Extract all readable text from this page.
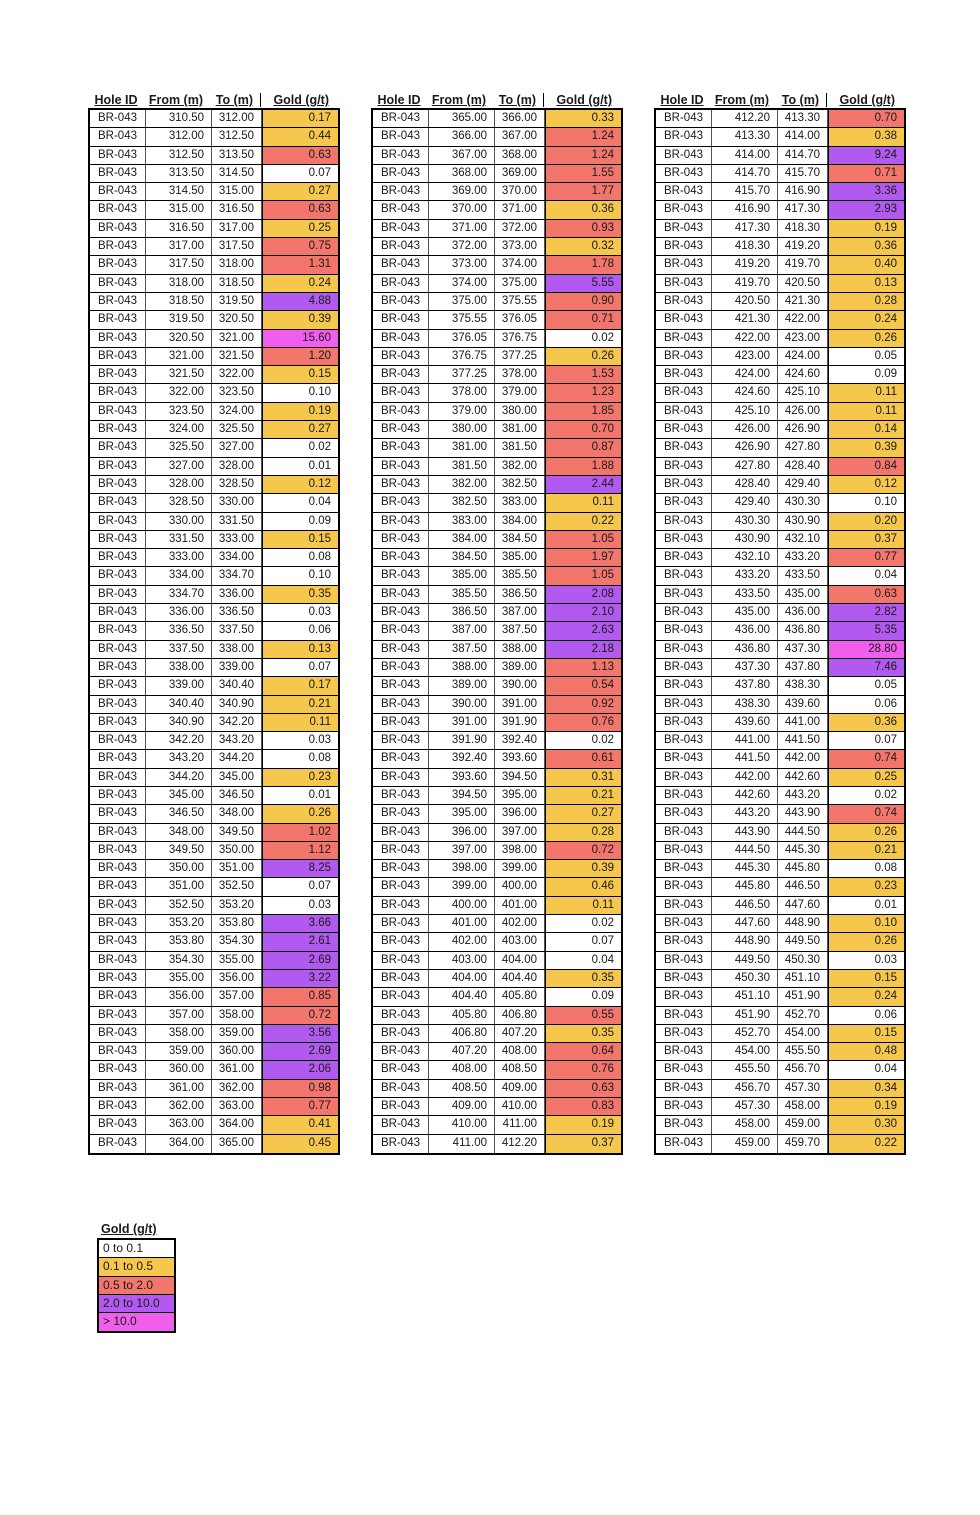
Hole ID From (m)	To (m)	Gold (g/t)
BR-043	310.50	312.00	0.17
BR-043	312.00	312.50	0.44
BR-043	312.50	313.50	0.63
BR-043	313.50	314.50	0.07
BR-043	314.50	315.00	0.27
BR-043	315.00	316.50	0.63
BR-043	316.50	317.00	0.25
BR-043	317.00	317.50	0.75
BR-043	317.50	318.00	1.31
BR-043	318.00	318.50	0.24
BR-043	318.50	319.50	4.88
BR-043	319.50	320.50	0.39
BR-043	320.50	321.00	15.60
BR-043	321.00	321.50	1.20
BR-043	321.50	322.00	0.15
BR-043	322.00	323.50	0.10
BR-043	323.50	324.00	0.19
BR-043	324.00	325.50	0.27
BR-043	325.50	327.00	0.02
BR-043	327.00	328.00	0.01
BR-043	328.00	328.50	0.12
BR-043	328.50	330.00	0.04
BR-043	330.00	331.50	0.09
BR-043	331.50	333.00	0.15
BR-043	333.00	334.00	0.08
BR-043	334.00	334.70	0.10
BR-043	334.70	336.00	0.35
BR-043	336.00	336.50	0.03
BR-043	336.50	337.50	0.06
BR-043	337.50	338.00	0.13
BR-043	338.00	339.00	0.07
BR-043	339.00	340.40	0.17
BR-043	340.40	340.90	0.21
BR-043	340.90	342.20	0.11
BR-043	342.20	343.20	0.03
BR-043	343.20	344.20	0.08
BR-043	344.20	345.00	0.23
BR-043	345.00	346.50	0.01
BR-043	346.50	348.00	0.26
BR-043	348.00	349.50	1.02
BR-043	349.50	350.00	1.12
BR-043	350.00	351.00	8.25
BR-043	351.00	352.50	0.07
BR-043	352.50	353.20	0.03
BR-043	353.20	353.80	3.66
BR-043	353.80	354.30	2.61
BR-043	354.30	355.00	2.69
BR-043	355.00	356.00	3.22
BR-043	356.00	357.00	0.85
BR-043	357.00	358.00	0.72
BR-043	358.00	359.00	3.56
BR-043	359.00	360.00	2.69
BR-043	360.00	361.00	2.06
BR-043	361.00	362.00	0.98
BR-043	362.00	363.00	0.77
BR-043	363.00	364.00	0.41
BR-043	364.00	365.00	0.45
Hole ID From (m)	To (m)	Gold (g/t)
BR-043	365.00	366.00	0.33
BR-043	366.00	367.00	1.24
BR-043	367.00	368.00	1.24
BR-043	368.00	369.00	1.55
BR-043	369.00	370.00	1.77
BR-043	370.00	371.00	0.36
BR-043	371.00	372.00	0.93
BR-043	372.00	373.00	0.32
BR-043	373.00	374.00	1.78
BR-043	374.00	375.00	5.55
BR-043	375.00	375.55	0.90
BR-043	375.55	376.05	0.71
BR-043	376.05	376.75	0.02
BR-043	376.75	377.25	0.26
BR-043	377.25	378.00	1.53
BR-043	378.00	379.00	1.23
BR-043	379.00	380.00	1.85
BR-043	380.00	381.00	0.70
BR-043	381.00	381.50	0.87
BR-043	381.50	382.00	1.88
BR-043	382.00	382.50	2.44
BR-043	382.50	383.00	0.11
BR-043	383.00	384.00	0.22
BR-043	384.00	384.50	1.05
BR-043	384.50	385.00	1.97
BR-043	385.00	385.50	1.05
BR-043	385.50	386.50	2.08
BR-043	386.50	387.00	2.10
BR-043	387.00	387.50	2.63
BR-043	387.50	388.00	2.18
BR-043	388.00	389.00	1.13
BR-043	389.00	390.00	0.54
BR-043	390.00	391.00	0.92
BR-043	391.00	391.90	0.76
BR-043	391.90	392.40	0.02
BR-043	392.40	393.60	0.61
BR-043	393.60	394.50	0.31
BR-043	394.50	395.00	0.21
BR-043	395.00	396.00	0.27
BR-043	396.00	397.00	0.28
BR-043	397.00	398.00	0.72
BR-043	398.00	399.00	0.39
BR-043	399.00	400.00	0.46
BR-043	400.00	401.00	0.11
BR-043	401.00	402.00	0.02
BR-043	402.00	403.00	0.07
BR-043	403.00	404.00	0.04
BR-043	404.00	404.40	0.35
BR-043	404.40	405.80	0.09
BR-043	405.80	406.80	0.55
BR-043	406.80	407.20	0.35
BR-043	407.20	408.00	0.64
BR-043	408.00	408.50	0.76
BR-043	408.50	409.00	0.63
BR-043	409.00	410.00	0.83
BR-043	410.00	411.00	0.19
BR-043	411.00	412.20	0.37
Hole ID From (m)	To (m)	Gold (g/t)
BR-043	412.20	413.30	0.70
BR-043	413.30	414.00	0.38
BR-043	414.00	414.70	9.24
BR-043	414.70	415.70	0.71
BR-043	415.70	416.90	3.36
BR-043	416.90	417.30	2.93
BR-043	417.30	418.30	0.19
BR-043	418.30	419.20	0.36
BR-043	419.20	419.70	0.40
BR-043	419.70	420.50	0.13
BR-043	420.50	421.30	0.28
BR-043	421.30	422.00	0.24
BR-043	422.00	423.00	0.26
BR-043	423.00	424.00	0.05
BR-043	424.00	424.60	0.09
BR-043	424.60	425.10	0.11
BR-043	425.10	426.00	0.11
BR-043	426.00	426.90	0.14
BR-043	426.90	427.80	0.39
BR-043	427.80	428.40	0.84
BR-043	428.40	429.40	0.12
BR-043	429.40	430.30	0.10
BR-043	430.30	430.90	0.20
BR-043	430.90	432.10	0.37
BR-043	432.10	433.20	0.77
BR-043	433.20	433.50	0.04
BR-043	433.50	435.00	0.63
BR-043	435.00	436.00	2.82
BR-043	436.00	436.80	5.35
BR-043	436.80	437.30	28.80
BR-043	437.30	437.80	7.46
BR-043	437.80	438.30	0.05
BR-043	438.30	439.60	0.06
BR-043	439.60	441.00	0.36
BR-043	441.00	441.50	0.07
BR-043	441.50	442.00	0.74
BR-043	442.00	442.60	0.25
BR-043	442.60	443.20	0.02
BR-043	443.20	443.90	0.74
BR-043	443.90	444.50	0.26
BR-043	444.50	445.30	0.21
BR-043	445.30	445.80	0.08
BR-043	445.80	446.50	0.23
BR-043	446.50	447.60	0.01
BR-043	447.60	448.90	0.10
BR-043	448.90	449.50	0.26
BR-043	449.50	450.30	0.03
BR-043	450.30	451.10	0.15
BR-043	451.10	451.90	0.24
BR-043	451.90	452.70	0.06
BR-043	452.70	454.00	0.15
BR-043	454.00	455.50	0.48
BR-043	455.50	456.70	0.04
BR-043	456.70	457.30	0.34
BR-043	457.30	458.00	0.19
BR-043	458.00	459.00	0.30
BR-043	459.00	459.70	0.22
Gold (g/t)
0 to 0.1
0.1 to 0.5
0.5 to 2.0
2.0 to 10.0
> 10.0
